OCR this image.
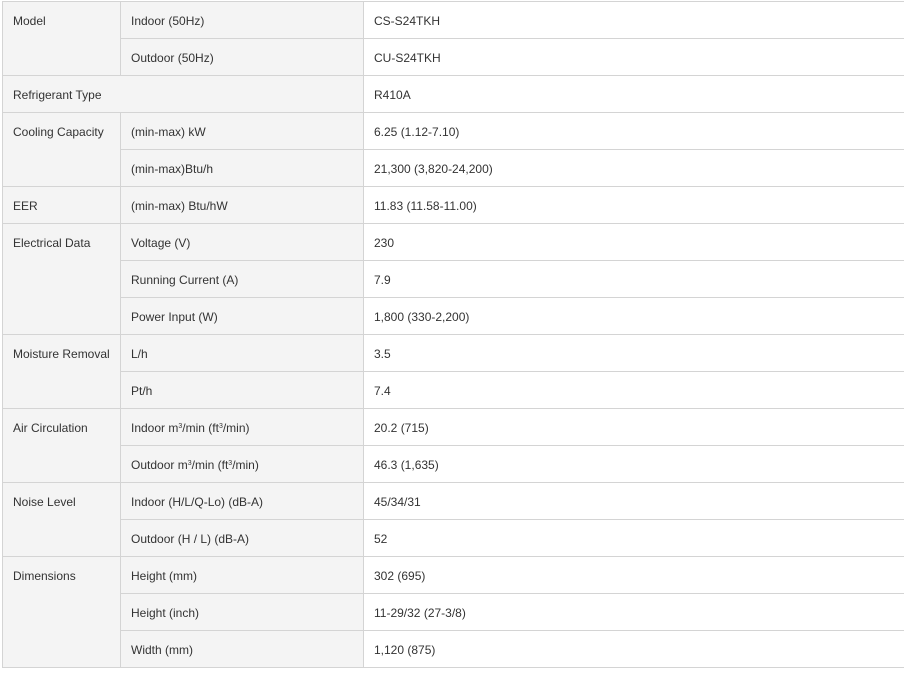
Model	Indoor (50Hz)	CS-S24TKH

	Outdoor (50Hz)	CU-S24TKH

Refrigerant Type		R410A

Cooling Capacity	(min-max) kW	6.25 (1.12-7.10)

	(min-max)Btu/h	21,300 (3,820-24,200)

EER	(min-max) Btu/hW	11.83 (11.58-11.00)

Electrical Data	Voltage (V)	230

	Running Current (A)	7.9

	Power Input (W)	1,800 (330-2,200)

Moisture Removal	L/h	3.5

	Pt/h	7.4

Air Circulation	Indoor $m^3/\min$ $(ft^3/\min)$	20.2 (715)

	Outdoor $m^3/\min$ $(ft^3/\min)$	46.3 (1,635)

Noise Level	Indoor (H/L/Q-Lo) (dB-A)	45/34/31

	Outdoor (H / L) (dB-A)	52

Dimensions	Height (mm)	302 (695)

	Height (inch)	11-29/32 (27-3/8)

	Width (mm)	1,120 (875)
